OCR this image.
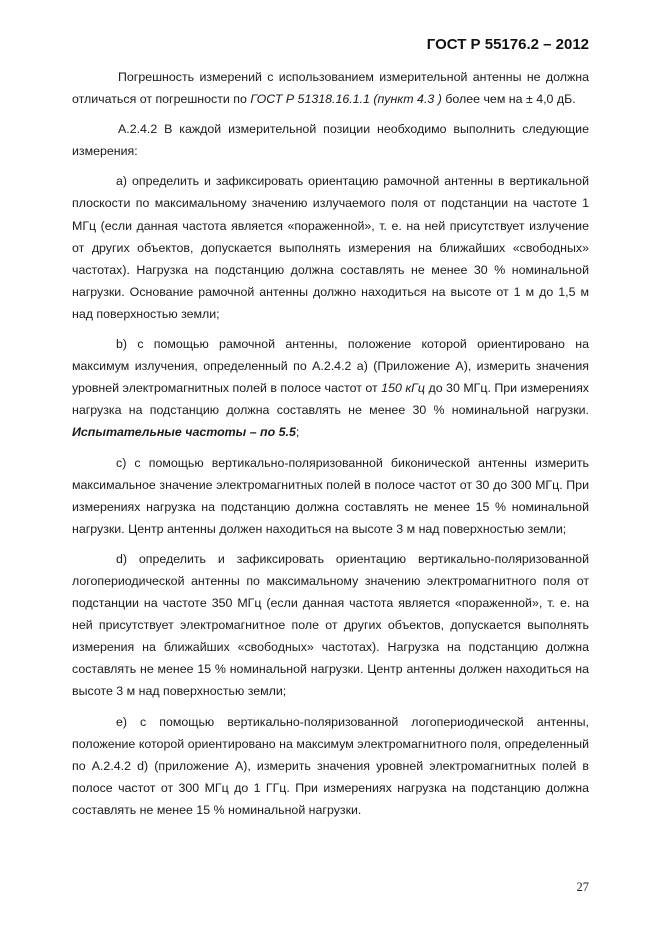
ГОСТ Р 55176.2 – 2012

Погрешность измерений с использованием измерительной антенны не должна отличаться от погрешности по ГОСТ Р 51318.16.1.1 (пункт 4.3 ) более чем на ± 4,0 дБ.

А.2.4.2 В каждой измерительной позиции необходимо выполнить следующие измерения:

а) определить и зафиксировать ориентацию рамочной антенны в вертикальной плоскости по максимальному значению излучаемого поля от подстанции на частоте 1 МГц (если данная частота является «пораженной», т. е. на ней присутствует излучение от других объектов, допускается выполнять измерения на ближайших «свободных» частотах). Нагрузка на подстанцию должна составлять не менее 30 % номинальной нагрузки. Основание рамочной антенны должно находиться на высоте от 1 м до 1,5 м над поверхностью земли;

b) с помощью рамочной антенны, положение которой ориентировано на максимум излучения, определенный по А.2.4.2 а) (Приложение А), измерить значения уровней электромагнитных полей в полосе частот от 150 кГц до 30 МГц. При измерениях нагрузка на подстанцию должна составлять не менее 30 % номинальной нагрузки. Испытательные частоты – по 5.5;

с) с помощью вертикально-поляризованной биконической антенны измерить максимальное значение электромагнитных полей в полосе частот от 30 до 300 МГц. При измерениях нагрузка на подстанцию должна составлять не менее 15 % номинальной нагрузки. Центр антенны должен находиться на высоте 3 м над поверхностью земли;

d) определить и зафиксировать ориентацию вертикально-поляризованной логопериодической антенны по максимальному значению электромагнитного поля от подстанции на частоте 350 МГц (если данная частота является «пораженной», т. е. на ней присутствует электромагнитное поле от других объектов, допускается выполнять измерения на ближайших «свободных» частотах). Нагрузка на подстанцию должна составлять не менее 15 % номинальной нагрузки. Центр антенны должен находиться на высоте 3 м над поверхностью земли;

е) с помощью вертикально-поляризованной логопериодической антенны, положение которой ориентировано на максимум электромагнитного поля, определенный по А.2.4.2 d) (приложение А), измерить значения уровней электромагнитных полей в полосе частот от 300 МГц до 1 ГГц. При измерениях нагрузка на подстанцию должна составлять не менее 15 % номинальной нагрузки.

27
